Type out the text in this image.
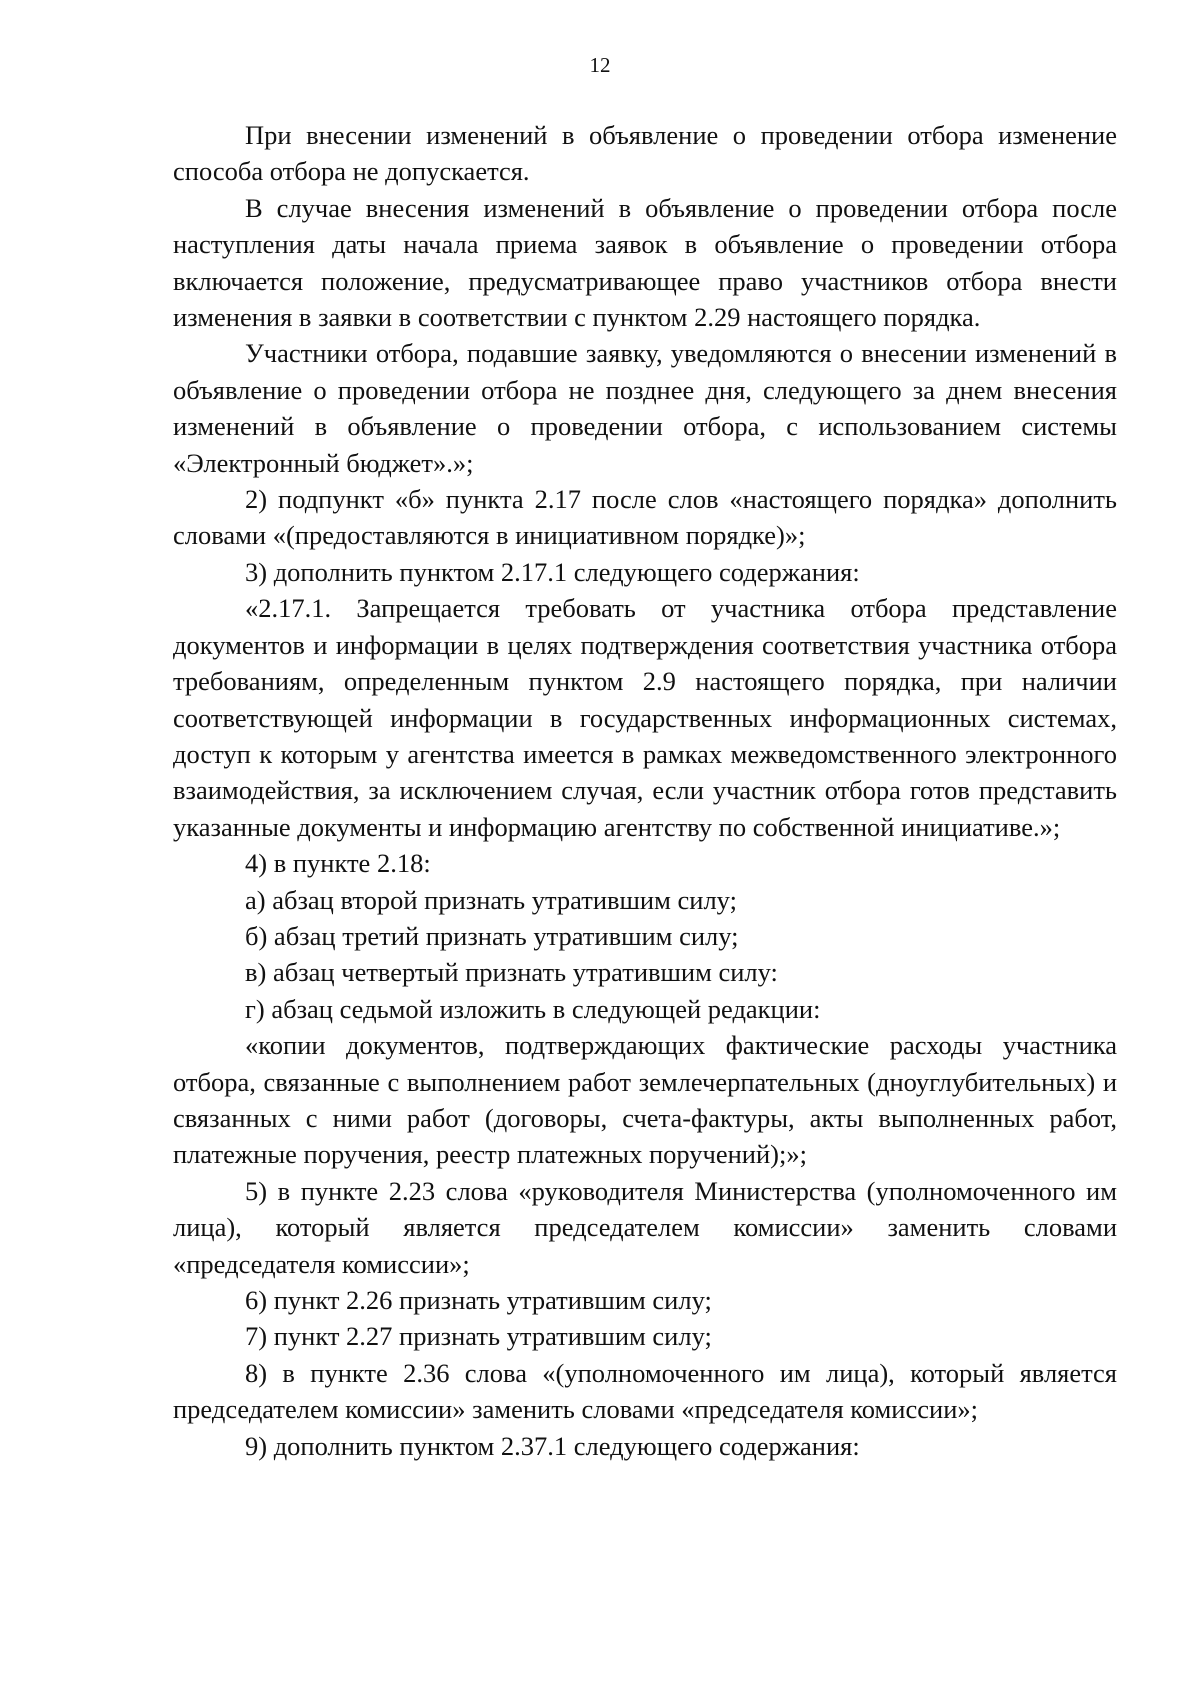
12

При внесении изменений в объявление о проведении отбора изменение способа отбора не допускается.

В случае внесения изменений в объявление о проведении отбора после наступления даты начала приема заявок в объявление о проведении отбора включается положение, предусматривающее право участников отбора внести изменения в заявки в соответствии с пунктом 2.29 настоящего порядка.

Участники отбора, подавшие заявку, уведомляются о внесении изменений в объявление о проведении отбора не позднее дня, следующего за днем внесения изменений в объявление о проведении отбора, с использованием системы «Электронный бюджет».»;

2) подпункт «б» пункта 2.17 после слов «настоящего порядка» дополнить словами «(предоставляются в инициативном порядке)»;

3) дополнить пунктом 2.17.1 следующего содержания:

«2.17.1. Запрещается требовать от участника отбора представление документов и информации в целях подтверждения соответствия участника отбора требованиям, определенным пунктом 2.9 настоящего порядка, при наличии соответствующей информации в государственных информационных системах, доступ к которым у агентства имеется в рамках межведомственного электронного взаимодействия, за исключением случая, если участник отбора готов представить указанные документы и информацию агентству по собственной инициативе.»;

4) в пункте 2.18:

а) абзац второй признать утратившим силу;

б) абзац третий признать утратившим силу;

в) абзац четвертый признать утратившим силу:

г) абзац седьмой изложить в следующей редакции:

«копии документов, подтверждающих фактические расходы участника отбора, связанные с выполнением работ землечерпательных (дноуглубительных) и связанных с ними работ (договоры, счета-фактуры, акты выполненных работ, платежные поручения, реестр платежных поручений);»;

5) в пункте 2.23 слова «руководителя Министерства (уполномоченного им лица), который является председателем комиссии» заменить словами «председателя комиссии»;

6) пункт 2.26 признать утратившим силу;

7) пункт 2.27 признать утратившим силу;

8) в пункте 2.36 слова «(уполномоченного им лица), который является председателем комиссии» заменить словами «председателя комиссии»;

9) дополнить пунктом 2.37.1 следующего содержания:
